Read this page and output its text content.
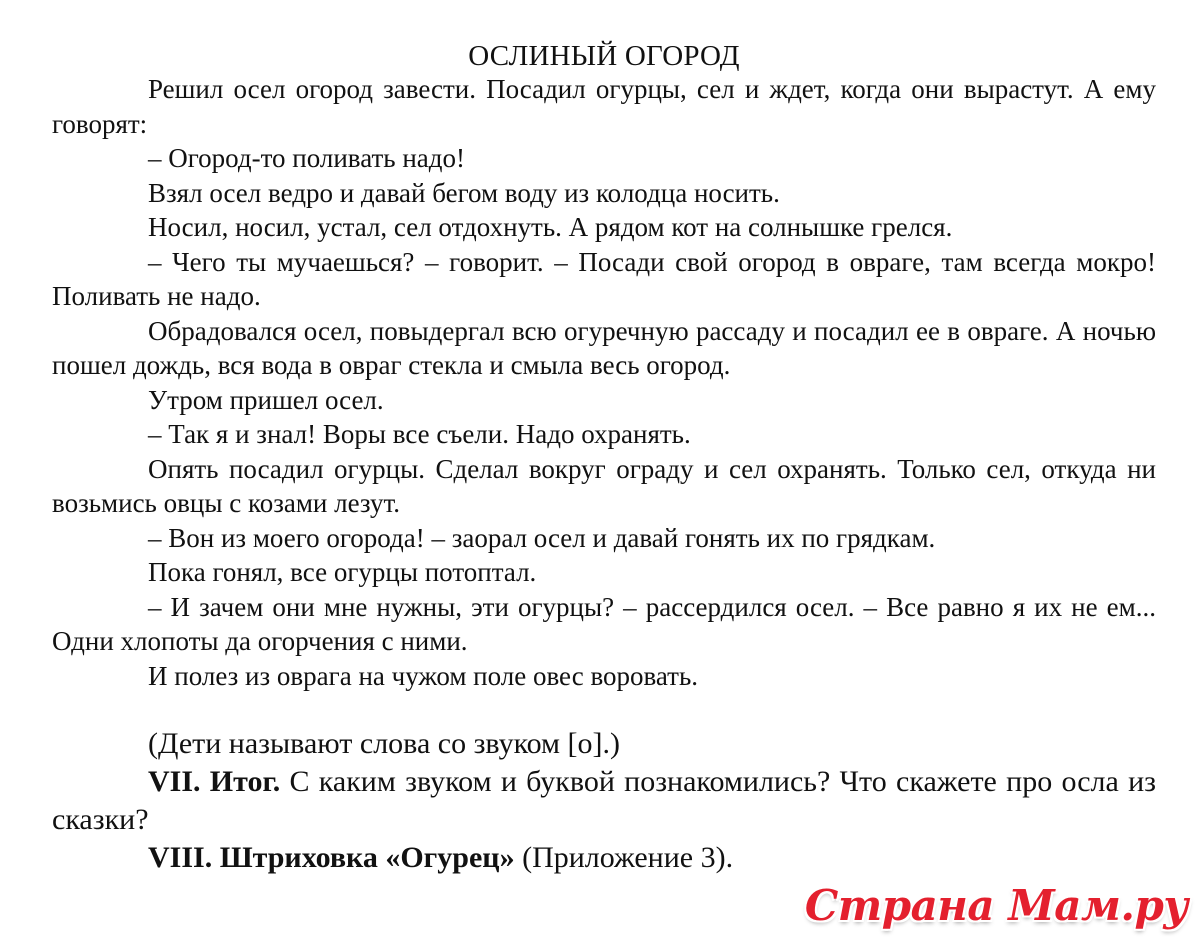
ОСЛИНЫЙ ОГОРОД

Решил осел огород завести. Посадил огурцы, сел и ждет, когда они вырастут. А ему говорят:

– Огород-то поливать надо!

Взял осел ведро и давай бегом воду из колодца носить.

Носил, носил, устал, сел отдохнуть. А рядом кот на солнышке грелся.

– Чего ты мучаешься? – говорит. – Посади свой огород в овраге, там всегда мокро! Поливать не надо.

Обрадовался осел, повыдергал всю огуречную рассаду и посадил ее в овраге. А ночью пошел дождь, вся вода в овраг стекла и смыла весь огород.

Утром пришел осел.

– Так я и знал! Воры все съели. Надо охранять.

Опять посадил огурцы. Сделал вокруг ограду и сел охранять. Только сел, откуда ни возьмись овцы с козами лезут.

– Вон из моего огорода! – заорал осел и давай гонять их по грядкам.

Пока гонял, все огурцы потоптал.

– И зачем они мне нужны, эти огурцы? – рассердился осел. – Все равно я их не ем... Одни хлопоты да огорчения с ними.

И полез из оврага на чужом поле овес воровать.

(Дети называют слова со звуком [о].)

VII. Итог. С каким звуком и буквой познакомились? Что скажете про осла из сказки?

VIII. Штриховка «Огурец» (Приложение 3).

Страна Мам.ру
